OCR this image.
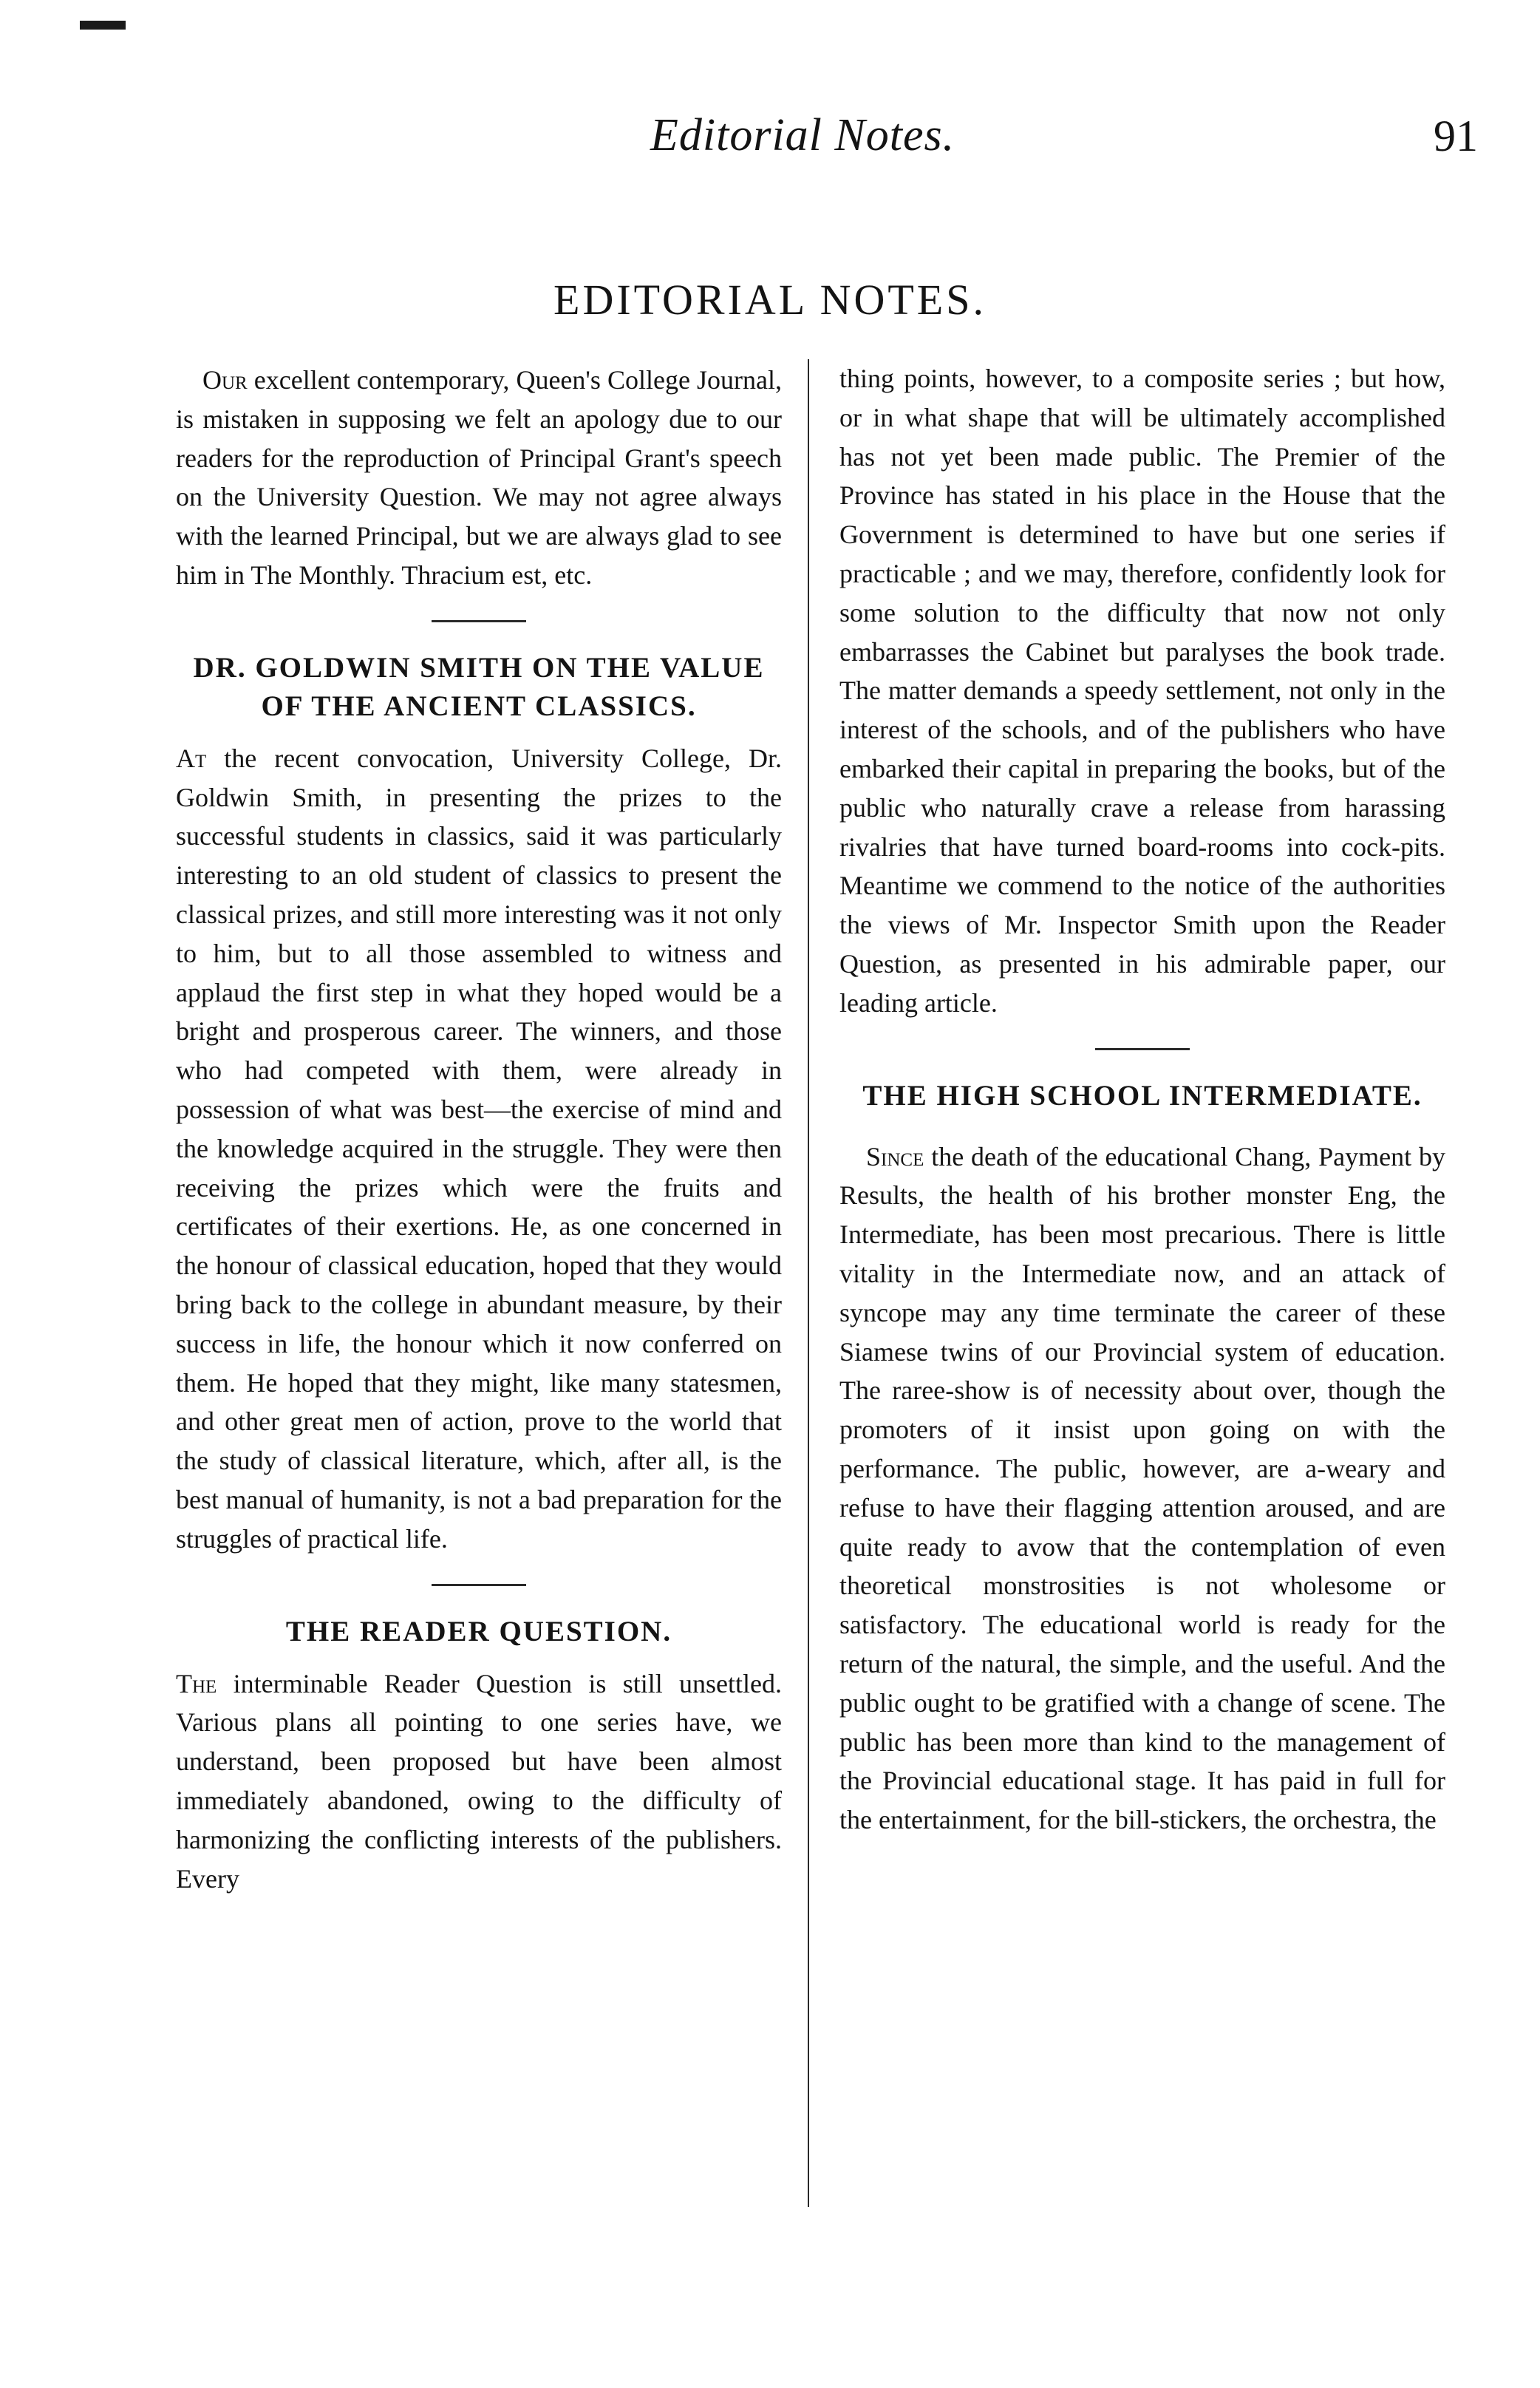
Editorial Notes.	91
EDITORIAL NOTES.

Our excellent contemporary, Queen's College Journal, is mistaken in supposing we felt an apology due to our readers for the reproduction of Principal Grant's speech on the University Question. We may not agree always with the learned Principal, but we are always glad to see him in The Monthly. Thracium est, etc.

DR. GOLDWIN SMITH ON THE VALUE OF THE ANCIENT CLASSICS.

At the recent convocation, University College, Dr. Goldwin Smith, in presenting the prizes to the successful students in classics, said it was particularly interesting to an old student of classics to present the classical prizes, and still more interesting was it not only to him, but to all those assembled to witness and applaud the first step in what they hoped would be a bright and prosperous career. The winners, and those who had competed with them, were already in possession of what was best—the exercise of mind and the knowledge acquired in the struggle. They were then receiving the prizes which were the fruits and certificates of their exertions. He, as one concerned in the honour of classical education, hoped that they would bring back to the college in abundant measure, by their success in life, the honour which it now conferred on them. He hoped that they might, like many statesmen, and other great men of action, prove to the world that the study of classical literature, which, after all, is the best manual of humanity, is not a bad preparation for the struggles of practical life.

THE READER QUESTION.

The interminable Reader Question is still unsettled. Various plans all pointing to one series have, we understand, been proposed but have been almost immediately abandoned, owing to the difficulty of harmonizing the conflicting interests of the publishers. Every

thing points, however, to a composite series ; but how, or in what shape that will be ultimately accomplished has not yet been made public. The Premier of the Province has stated in his place in the House that the Government is determined to have but one series if practicable ; and we may, therefore, confidently look for some solution to the difficulty that now not only embarrasses the Cabinet but paralyses the book trade. The matter demands a speedy settlement, not only in the interest of the schools, and of the publishers who have embarked their capital in preparing the books, but of the public who naturally crave a release from harassing rivalries that have turned board-rooms into cock-pits. Meantime we commend to the notice of the authorities the views of Mr. Inspector Smith upon the Reader Question, as presented in his admirable paper, our leading article.

THE HIGH SCHOOL INTERMEDIATE.

Since the death of the educational Chang, Payment by Results, the health of his brother monster Eng, the Intermediate, has been most precarious. There is little vitality in the Intermediate now, and an attack of syncope may any time terminate the career of these Siamese twins of our Provincial system of education. The raree-show is of necessity about over, though the promoters of it insist upon going on with the performance. The public, however, are a-weary and refuse to have their flagging attention aroused, and are quite ready to avow that the contemplation of even theoretical monstrosities is not wholesome or satisfactory. The educational world is ready for the return of the natural, the simple, and the useful. And the public ought to be gratified with a change of scene. The public has been more than kind to the management of the Provincial educational stage. It has paid in full for the entertainment, for the bill-stickers, the orchestra, the
